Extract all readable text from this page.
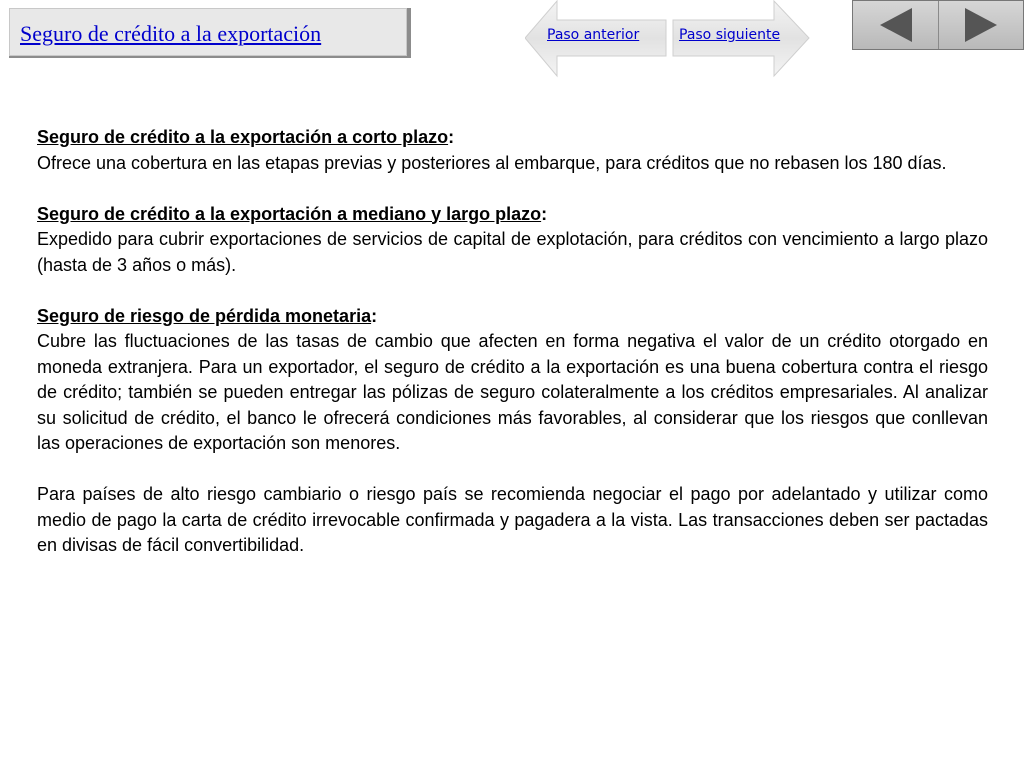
Seguro de crédito a la exportación	Paso anterior	Paso siguiente

Seguro de crédito a la exportación a corto plazo:

Ofrece una cobertura en las etapas previas y posteriores al embarque, para créditos que no rebasen los 180 días.

Seguro de crédito a la exportación a mediano y largo plazo:

Expedido para cubrir exportaciones de servicios de capital de explotación, para créditos con vencimiento a largo plazo (hasta de 3 años o más).

Seguro de riesgo de pérdida monetaria:

Cubre las fluctuaciones de las tasas de cambio que afecten en forma negativa el valor de un crédito otorgado en moneda extranjera. Para un exportador, el seguro de crédito a la exportación es una buena cobertura contra el riesgo de crédito; también se pueden entregar las pólizas de seguro colateralmente a los créditos empresariales. Al analizar su solicitud de crédito, el banco le ofrecerá condiciones más favorables, al considerar que los riesgos que conllevan las operaciones de exportación son menores.

Para países de alto riesgo cambiario o riesgo país se recomienda negociar el pago por adelantado y utilizar como medio de pago la carta de crédito irrevocable confirmada y pagadera a la vista. Las transacciones deben ser pactadas en divisas de fácil convertibilidad.
